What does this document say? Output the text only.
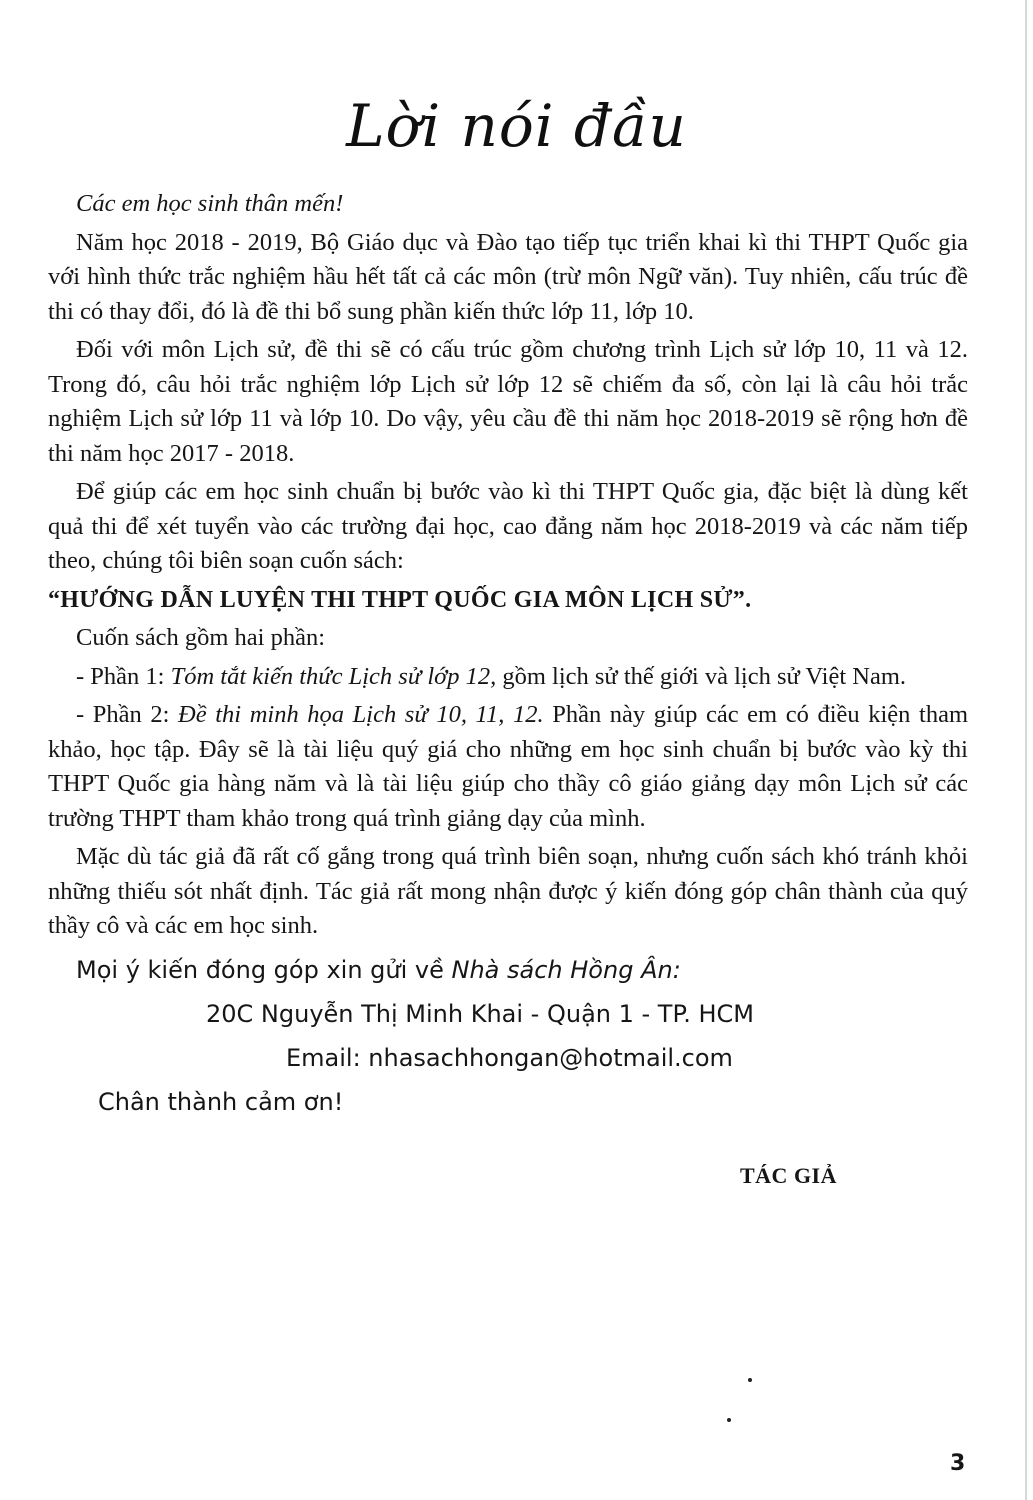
Lời nói đầu

Các em học sinh thân mến!

Năm học 2018 - 2019, Bộ Giáo dục và Đào tạo tiếp tục triển khai kì thi THPT Quốc gia với hình thức trắc nghiệm hầu hết tất cả các môn (trừ môn Ngữ văn). Tuy nhiên, cấu trúc đề thi có thay đổi, đó là đề thi bổ sung phần kiến thức lớp 11, lớp 10.

Đối với môn Lịch sử, đề thi sẽ có cấu trúc gồm chương trình Lịch sử lớp 10, 11 và 12. Trong đó, câu hỏi trắc nghiệm lớp Lịch sử lớp 12 sẽ chiếm đa số, còn lại là câu hỏi trắc nghiệm Lịch sử lớp 11 và lớp 10. Do vậy, yêu cầu đề thi năm học 2018-2019 sẽ rộng hơn đề thi năm học 2017 - 2018.

Để giúp các em học sinh chuẩn bị bước vào kì thi THPT Quốc gia, đặc biệt là dùng kết quả thi để xét tuyển vào các trường đại học, cao đẳng năm học 2018-2019 và các năm tiếp theo, chúng tôi biên soạn cuốn sách:

“HƯỚNG DẪN LUYỆN THI THPT QUỐC GIA MÔN LỊCH SỬ”.

Cuốn sách gồm hai phần:

- Phần 1: Tóm tắt kiến thức Lịch sử lớp 12, gồm lịch sử thế giới và lịch sử Việt Nam.

- Phần 2: Đề thi minh họa Lịch sử 10, 11, 12. Phần này giúp các em có điều kiện tham khảo, học tập. Đây sẽ là tài liệu quý giá cho những em học sinh chuẩn bị bước vào kỳ thi THPT Quốc gia hàng năm và là tài liệu giúp cho thầy cô giáo giảng dạy môn Lịch sử các trường THPT tham khảo trong quá trình giảng dạy của mình.

Mặc dù tác giả đã rất cố gắng trong quá trình biên soạn, nhưng cuốn sách khó tránh khỏi những thiếu sót nhất định. Tác giả rất mong nhận được ý kiến đóng góp chân thành của quý thầy cô và các em học sinh.

Mọi ý kiến đóng góp xin gửi về Nhà sách Hồng Ân:

20C Nguyễn Thị Minh Khai - Quận 1 - TP. HCM

Email: nhasachhongan@hotmail.com

Chân thành cảm ơn!

TÁC GIẢ
3
